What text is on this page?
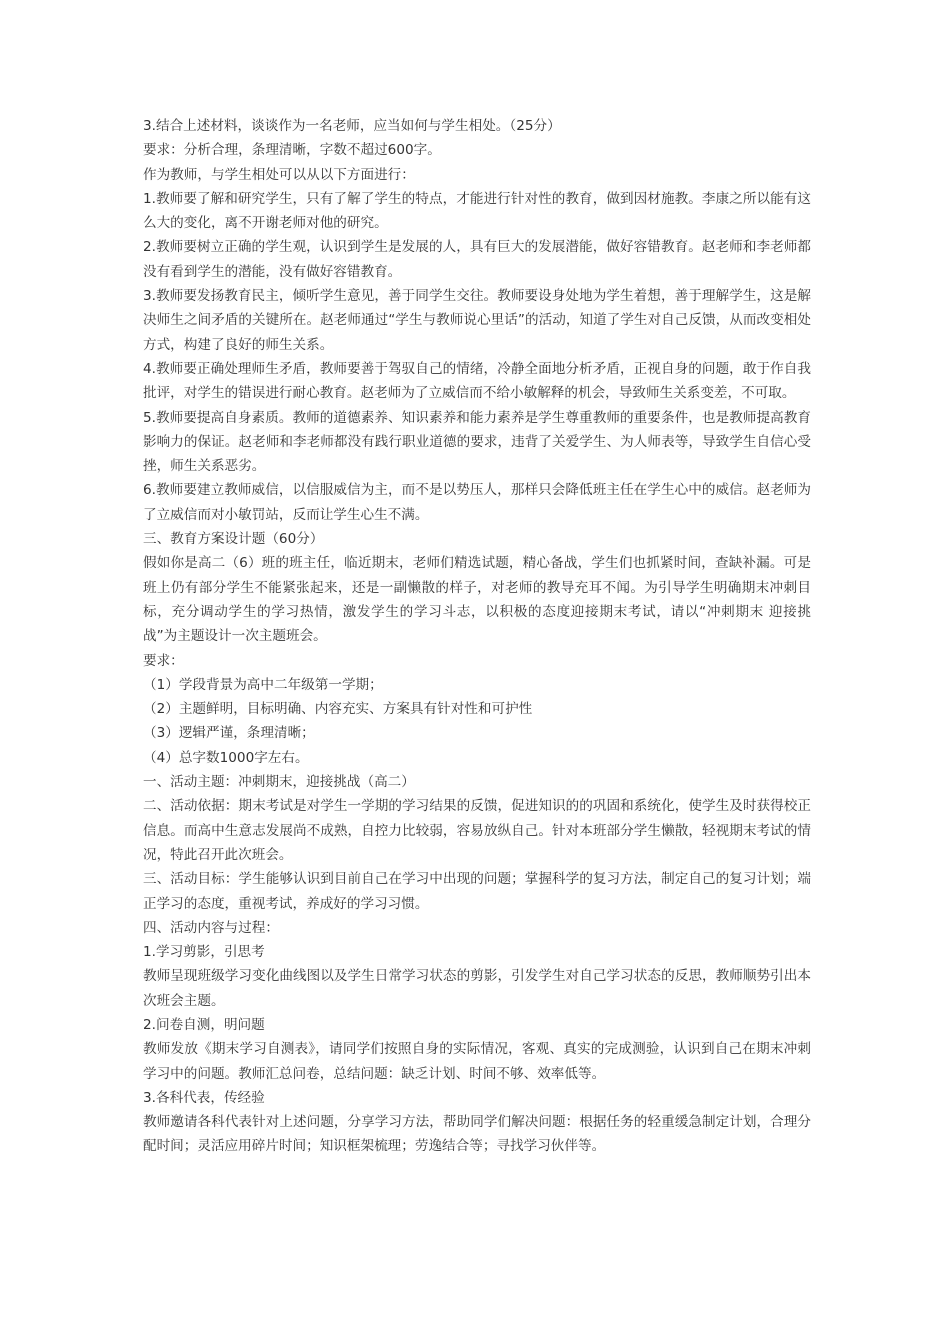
3.结合上述材料，谈谈作为一名老师，应当如何与学生相处。（25分）

要求：分析合理，条理清晰，字数不超过600字。

作为教师，与学生相处可以从以下方面进行：

1.教师要了解和研究学生，只有了解了学生的特点，才能进行针对性的教育，做到因材施教。李康之所以能有这么大的变化，离不开谢老师对他的研究。

2.教师要树立正确的学生观，认识到学生是发展的人，具有巨大的发展潜能，做好容错教育。赵老师和李老师都没有看到学生的潜能，没有做好容错教育。

3.教师要发扬教育民主，倾听学生意见，善于同学生交往。教师要设身处地为学生着想，善于理解学生，这是解决师生之间矛盾的关键所在。赵老师通过“学生与教师说心里话”的活动，知道了学生对自己反馈，从而改变相处方式，构建了良好的师生关系。

4.教师要正确处理师生矛盾，教师要善于驾驭自己的情绪，冷静全面地分析矛盾，正视自身的问题，敢于作自我批评，对学生的错误进行耐心教育。赵老师为了立威信而不给小敏解释的机会，导致师生关系变差，不可取。

5.教师要提高自身素质。教师的道德素养、知识素养和能力素养是学生尊重教师的重要条件，也是教师提高教育影响力的保证。赵老师和李老师都没有践行职业道德的要求，违背了关爱学生、为人师表等，导致学生自信心受挫，师生关系恶劣。

6.教师要建立教师威信，以信服威信为主，而不是以势压人，那样只会降低班主任在学生心中的威信。赵老师为了立威信而对小敏罚站，反而让学生心生不满。

三、教育方案设计题（60分）

假如你是高二（6）班的班主任，临近期末，老师们精选试题，精心备战，学生们也抓紧时间，查缺补漏。可是班上仍有部分学生不能紧张起来，还是一副懒散的样子，对老师的教导充耳不闻。为引导学生明确期末冲刺目标，充分调动学生的学习热情，激发学生的学习斗志，以积极的态度迎接期末考试，请以“冲刺期末 迎接挑战”为主题设计一次主题班会。

要求：

（1）学段背景为高中二年级第一学期；

（2）主题鲜明，目标明确、内容充实、方案具有针对性和可护性

（3）逻辑严谨，条理清晰；

（4）总字数1000字左右。

一、活动主题：冲刺期末，迎接挑战（高二）

二、活动依据：期末考试是对学生一学期的学习结果的反馈，促进知识的的巩固和系统化，使学生及时获得校正信息。而高中生意志发展尚不成熟，自控力比较弱，容易放纵自己。针对本班部分学生懒散，轻视期末考试的情况，特此召开此次班会。

三、活动目标：学生能够认识到目前自己在学习中出现的问题；掌握科学的复习方法，制定自己的复习计划；端正学习的态度，重视考试，养成好的学习习惯。

四、活动内容与过程：

1.学习剪影，引思考

教师呈现班级学习变化曲线图以及学生日常学习状态的剪影，引发学生对自己学习状态的反思，教师顺势引出本次班会主题。

2.问卷自测，明问题

教师发放《期末学习自测表》，请同学们按照自身的实际情况，客观、真实的完成测验，认识到自己在期末冲刺学习中的问题。教师汇总问卷，总结问题：缺乏计划、时间不够、效率低等。

3.各科代表，传经验

教师邀请各科代表针对上述问题，分享学习方法，帮助同学们解决问题：根据任务的轻重缓急制定计划，合理分配时间；灵活应用碎片时间；知识框架梳理；劳逸结合等；寻找学习伙伴等。
